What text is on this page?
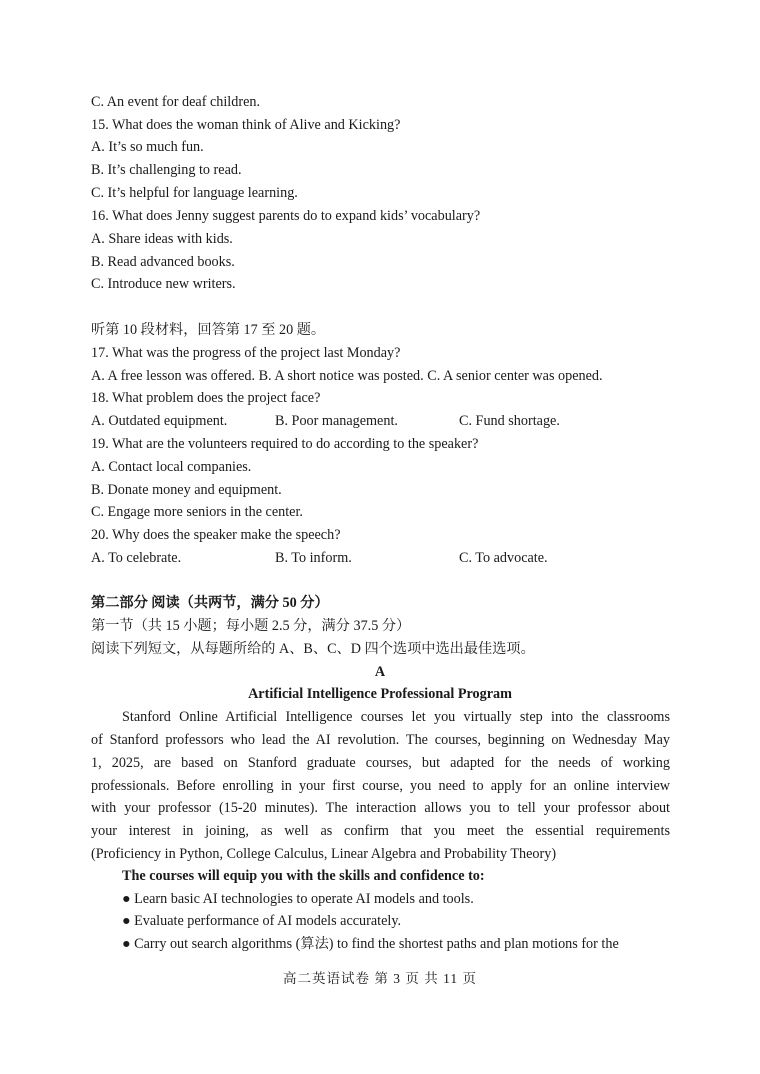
C. An event for deaf children.
15. What does the woman think of Alive and Kicking?
A. It’s so much fun.
B. It’s challenging to read.
C. It’s helpful for language learning.
16. What does Jenny suggest parents do to expand kids’ vocabulary?
A. Share ideas with kids.
B. Read advanced books.
C. Introduce new writers.
听第 10 段材料，回答第 17 至 20 题。
17. What was the progress of the project last Monday?
A. A free lesson was offered. B. A short notice was posted. C. A senior center was opened.
18. What problem does the project face?
A. Outdated equipment.	B. Poor management.	C. Fund shortage.
19. What are the volunteers required to do according to the speaker?
A. Contact local companies.
B. Donate money and equipment.
C. Engage more seniors in the center.
20. Why does the speaker make the speech?
A. To celebrate.	B. To inform.	C. To advocate.
第二部分 阅读（共两节，满分 50 分）
第一节（共 15 小题；每小题 2.5 分，满分 37.5 分）
阅读下列短文，从每题所给的 A、B、C、D 四个选项中选出最佳选项。
A
Artificial Intelligence Professional Program
Stanford Online Artificial Intelligence courses let you virtually step into the classrooms
of Stanford professors who lead the AI revolution. The courses, beginning on Wednesday May
1, 2025, are based on Stanford graduate courses, but adapted for the needs of working
professionals. Before enrolling in your first course, you need to apply for an online interview
with your professor (15-20 minutes). The interaction allows you to tell your professor about
your interest in joining, as well as confirm that you meet the essential requirements
(Proficiency in Python, College Calculus, Linear Algebra and Probability Theory)
The courses will equip you with the skills and confidence to:
● Learn basic AI technologies to operate AI models and tools.
● Evaluate performance of AI models accurately.
● Carry out search algorithms (算法) to find the shortest paths and plan motions for the
高二英语试卷 第 3 页 共 11 页
